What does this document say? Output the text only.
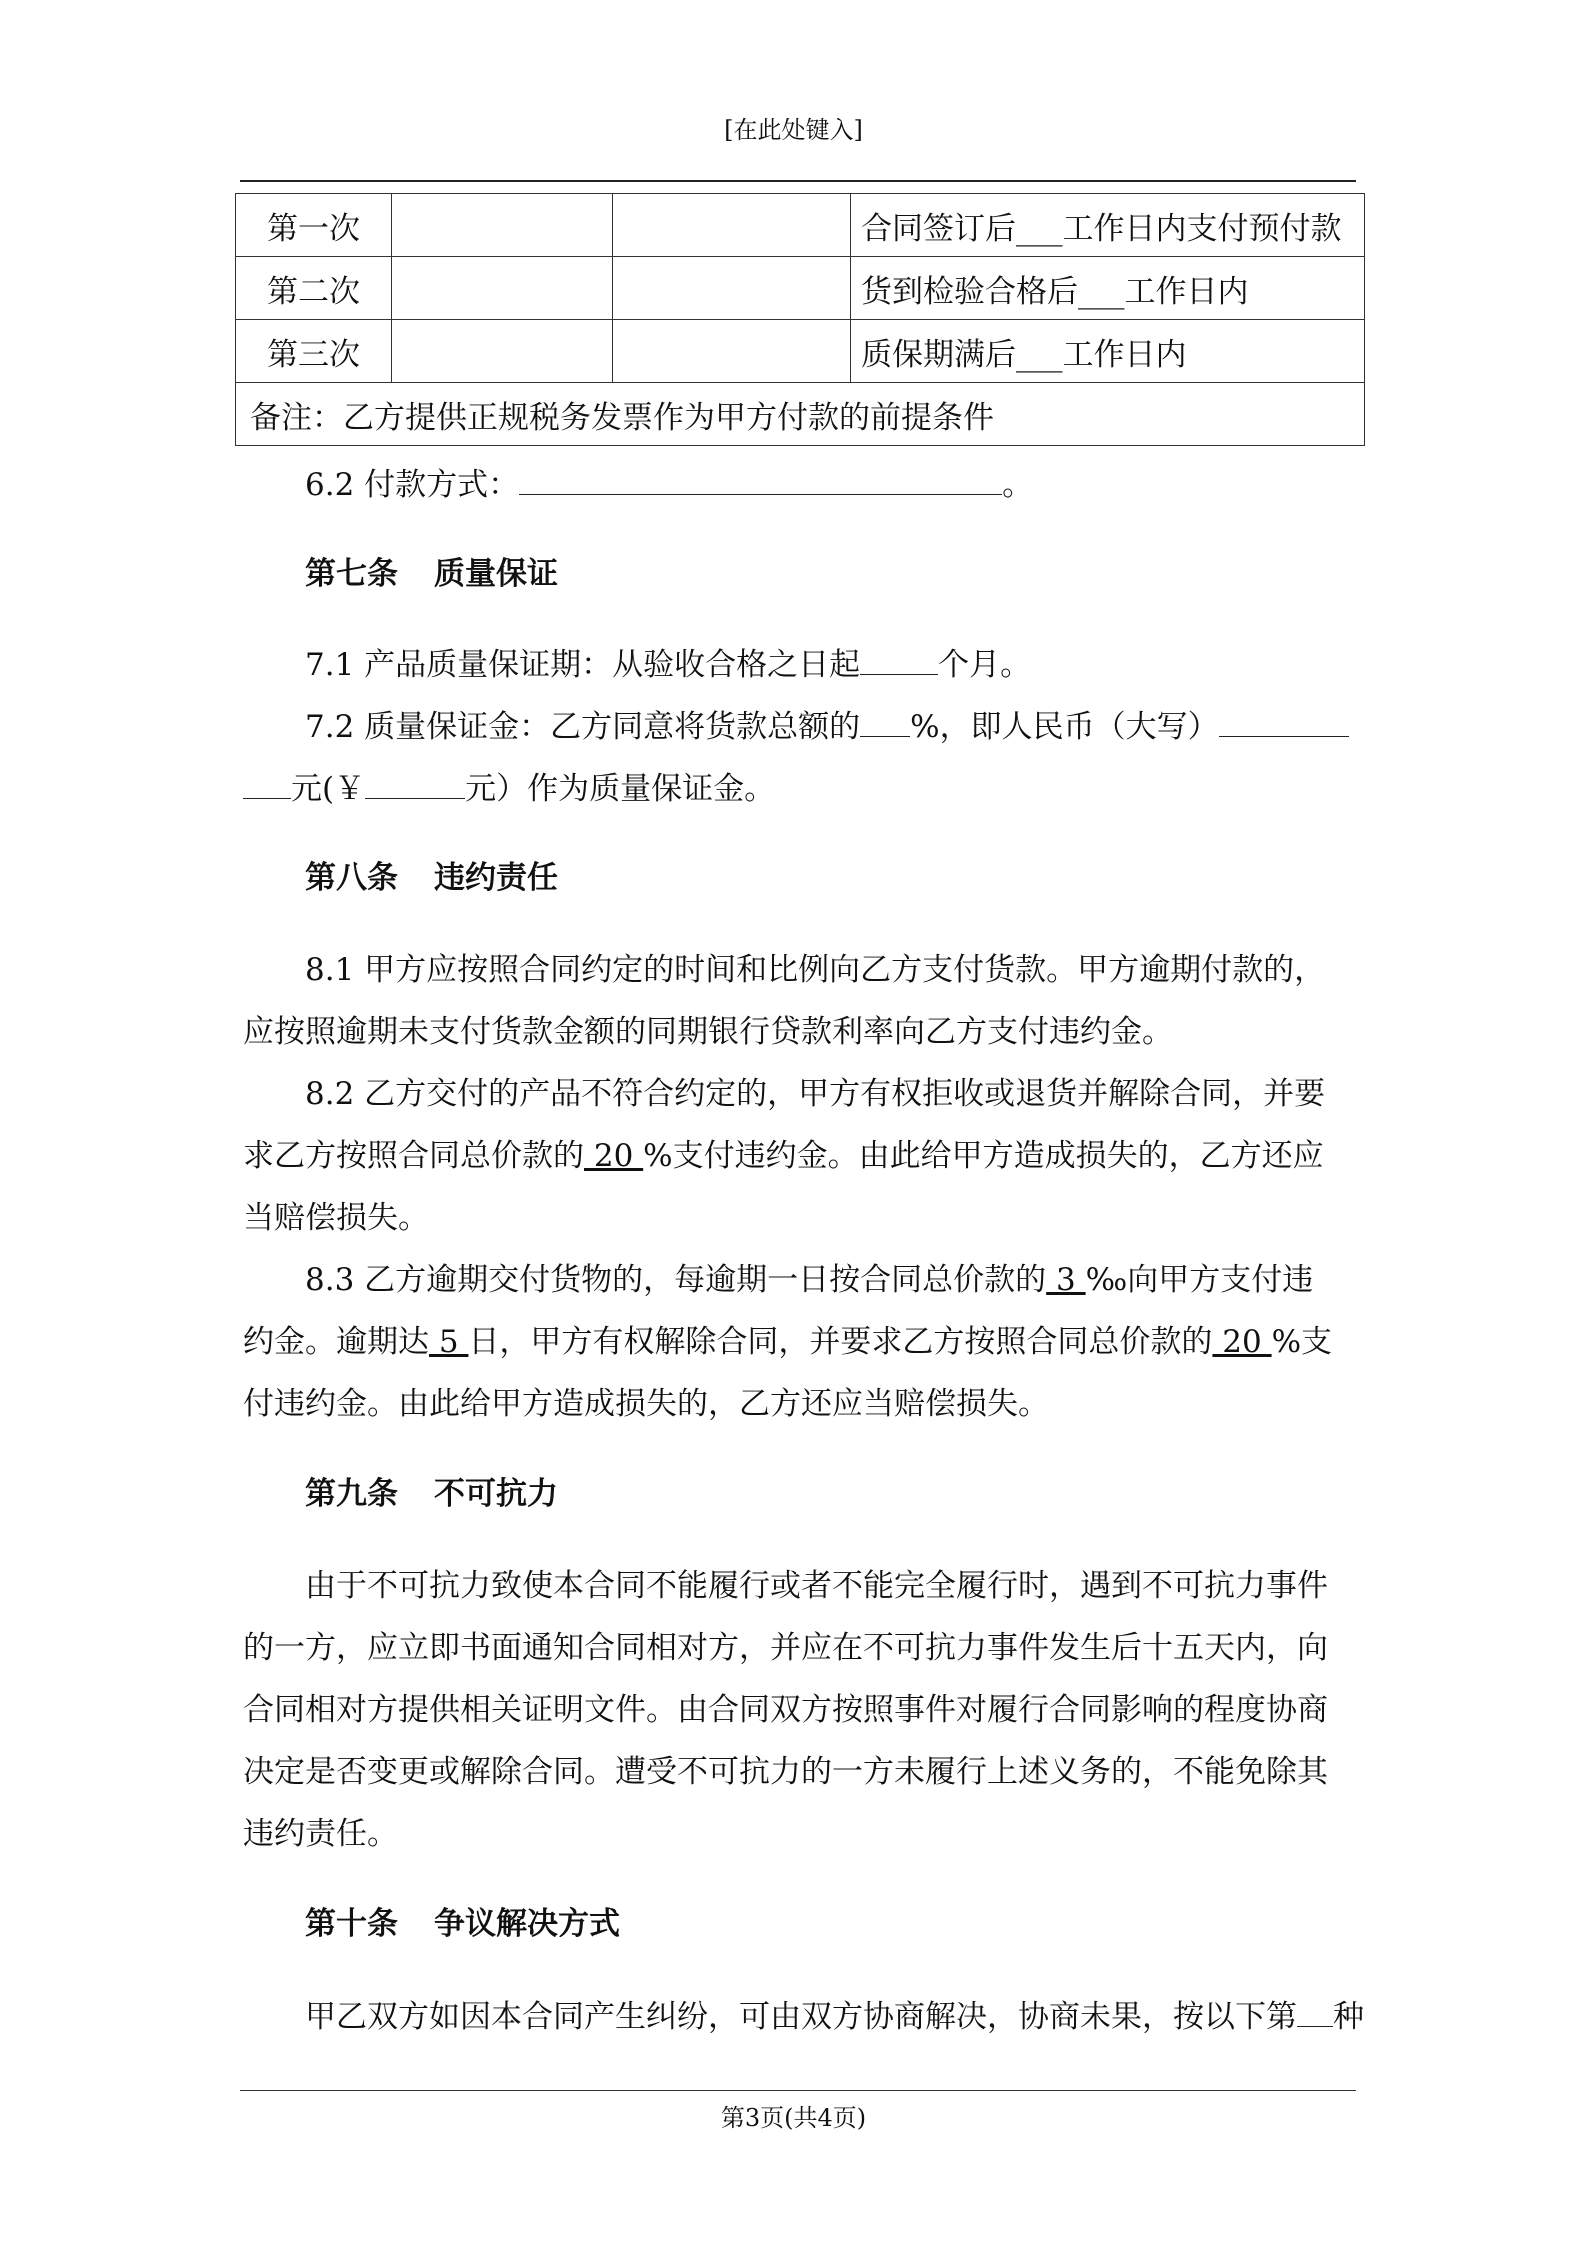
[在此处键入]
第一次			合同签订后___工作日内支付预付款
第二次			货到检验合格后___工作日内
第三次			质保期满后___工作日内
备注：乙方提供正规税务发票作为甲方付款的前提条件			
6.2 付款方式：	。
第七条 质量保证
7.1 产品质量保证期：从验收合格之日起	个月。
7.2 质量保证金：乙方同意将货款总额的 %，即人民币（大写）
元(￥	元）作为质量保证金。
第八条 违约责任
8.1 甲方应按照合同约定的时间和比例向乙方支付货款。甲方逾期付款的，
应按照逾期未支付货款金额的同期银行贷款利率向乙方支付违约金。
8.2 乙方交付的产品不符合约定的，甲方有权拒收或退货并解除合同，并要
求乙方按照合同总价款的 20 %支付违约金。由此给甲方造成损失的，乙方还应
当赔偿损失。
8.3 乙方逾期交付货物的，每逾期一日按合同总价款的 3 ‰向甲方支付违
约金。逾期达 5 日，甲方有权解除合同，并要求乙方按照合同总价款的 20 %支
付违约金。由此给甲方造成损失的，乙方还应当赔偿损失。
第九条 不可抗力
由于不可抗力致使本合同不能履行或者不能完全履行时，遇到不可抗力事件
的一方，应立即书面通知合同相对方，并应在不可抗力事件发生后十五天内，向
合同相对方提供相关证明文件。由合同双方按照事件对履行合同影响的程度协商
决定是否变更或解除合同。遭受不可抗力的一方未履行上述义务的，不能免除其
违约责任。
第十条 争议解决方式
甲乙双方如因本合同产生纠纷，可由双方协商解决，协商未果，按以下第 种
第3页(共4页)
